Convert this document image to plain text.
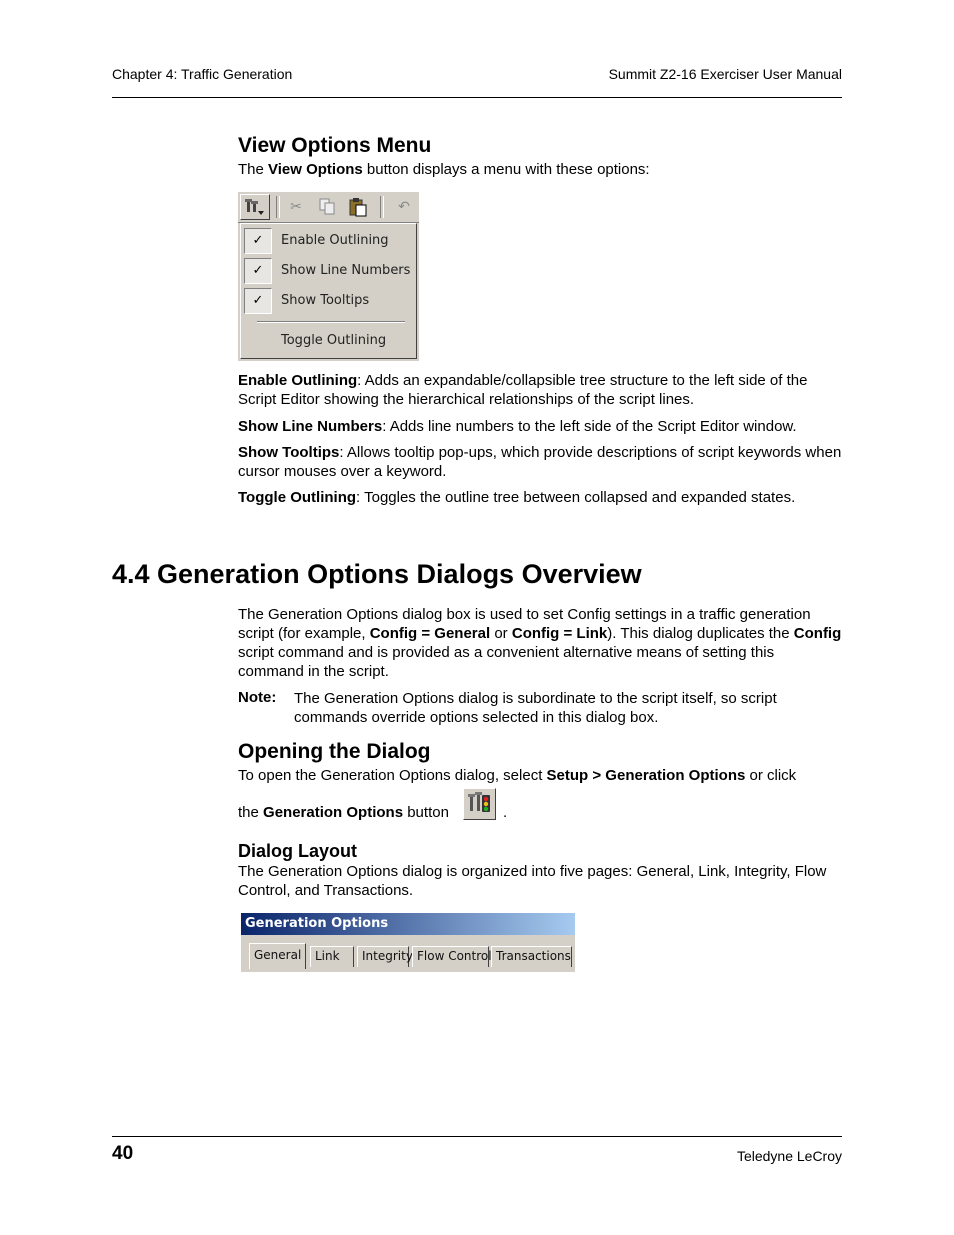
Chapter 4: Traffic Generation	Summit Z2-16 Exerciser User Manual
View Options Menu
The View Options button displays a menu with these options:
✂	↶
✓	Enable Outlining
✓	Show Line Numbers
✓	Show Tooltips
Toggle Outlining
Enable Outlining: Adds an expandable/collapsible tree structure to the left side of the Script Editor showing the hierarchical relationships of the script lines.
Show Line Numbers: Adds line numbers to the left side of the Script Editor window.
Show Tooltips: Allows tooltip pop-ups, which provide descriptions of script keywords when cursor mouses over a keyword.
Toggle Outlining: Toggles the outline tree between collapsed and expanded states.
4.4 Generation Options Dialogs Overview
The Generation Options dialog box is used to set Config settings in a traffic generation script (for example, Config = General or Config = Link). This dialog duplicates the Config script command and is provided as a convenient alternative means of setting this command in the script.
Note: The Generation Options dialog is subordinate to the script itself, so script commands override options selected in this dialog box.
Opening the Dialog
To open the Generation Options dialog, select Setup > Generation Options or click
the Generation Options button	.
Dialog Layout
The Generation Options dialog is organized into five pages: General, Link, Integrity, Flow Control, and Transactions.
Generation Options
General	Link	Integrity Flow Control Transactions
40	Teledyne LeCroy
